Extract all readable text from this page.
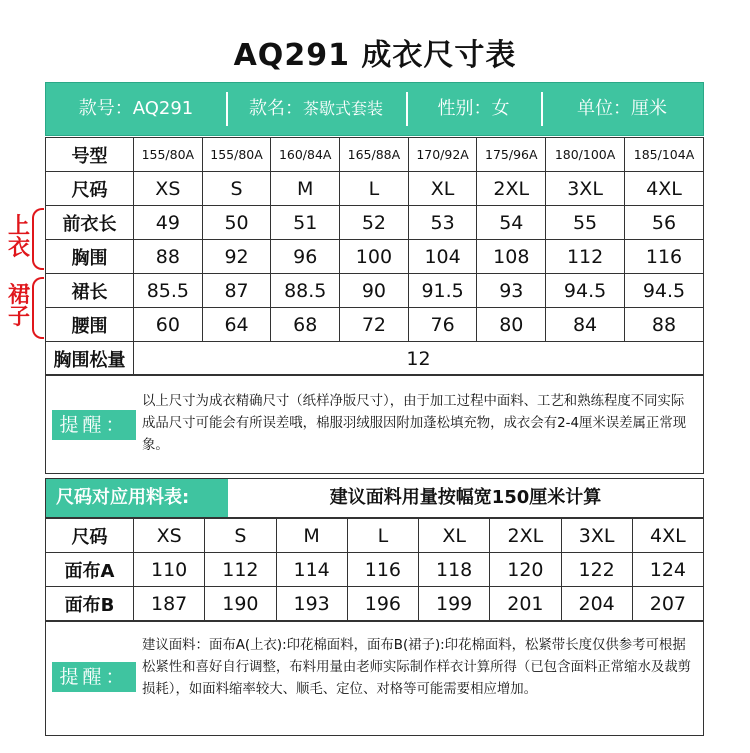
AQ291 成衣尺寸表
款号：AQ291	款名：茶歇式套装	性别：女	单位：厘米
上衣
裙子
号型	155/80A	155/80A	160/84A	165/88A	170/92A	175/96A	180/100A	185/104A
尺码	XS	S	M	L	XL	2XL	3XL	4XL
前衣长	49	50	51	52	53	54	55	56
胸围	88	92	96	100	104	108	112	116
裙长	85.5	87	88.5	90	91.5	93	94.5	94.5
腰围	60	64	68	72	76	80	84	88
胸围松量	12							
提醒：
以上尺寸为成衣精确尺寸（纸样净版尺寸），由于加工过程中面料、工艺和熟练程度不同实际成品尺寸可能会有所误差哦，棉服羽绒服因附加蓬松填充物，成衣会有2-4厘米误差属正常现象。
尺码对应用料表:	建议面料用量按幅宽150厘米计算
尺码	XS	S	M	L	XL	2XL	3XL	4XL
面布A	110	112	114	116	118	120	122	124
面布B	187	190	193	196	199	201	204	207
提醒：
建议面料：面布A(上衣):印花棉面料，面布B(裙子):印花棉面料，松紧带长度仅供参考可根据松紧性和喜好自行调整，布料用量由老师实际制作样衣计算所得（已包含面料正常缩水及裁剪损耗），如面料缩率较大、顺毛、定位、对格等可能需要相应增加。
